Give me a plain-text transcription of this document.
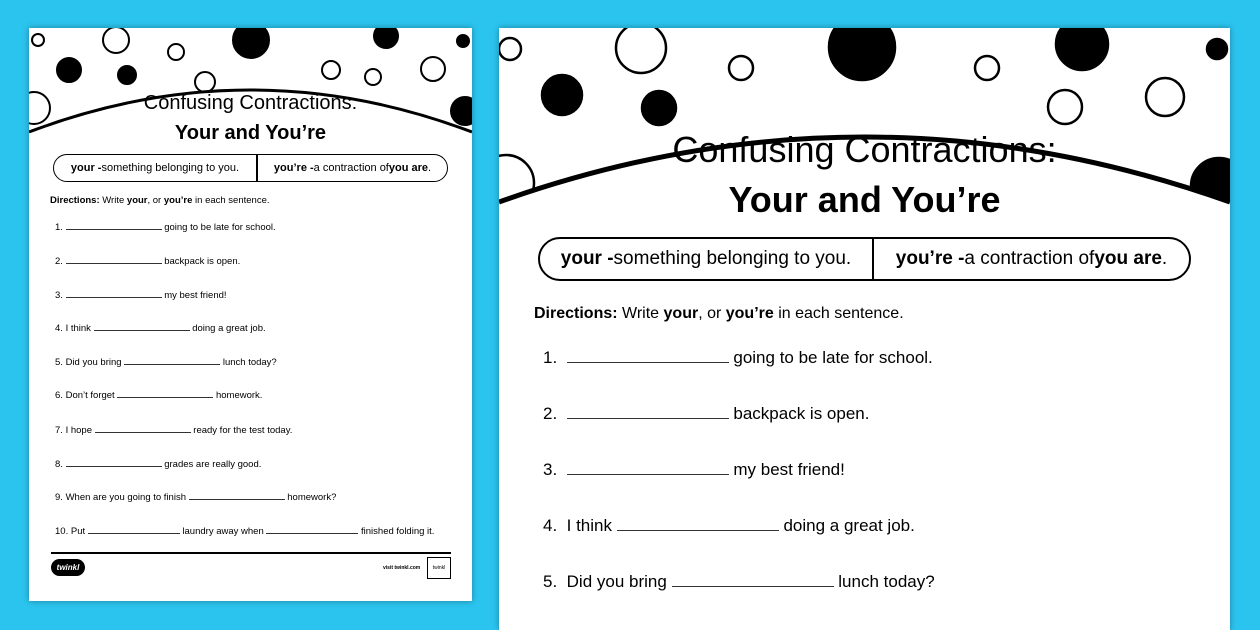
Confusing Contractions:
Your and You’re
your - something belonging to you.	you’re - a contraction of you are .
Directions: Write your, or you’re in each sentence.
1.	going to be late for school.
2.	backpack is open.
3.	my best friend!
4. I think	doing a great job.
5. Did you bring	lunch today?
6. Don’t forget	homework.
7. I hope	ready for the test today.
8.	grades are really good.
9. When are you going to finish	homework?
10. Put	laundry away when	finished folding it.
twinkl	visit twinkl.com	twinkl
Confusing Contractions:
Your and You’re
your - something belonging to you. you’re - a contraction of you are .
Directions: Write your, or you’re in each sentence.
1.	going to be late for school.
2.	backpack is open.
3.	my best friend!
4. I think	doing a great job.
5. Did you bring	lunch today?
